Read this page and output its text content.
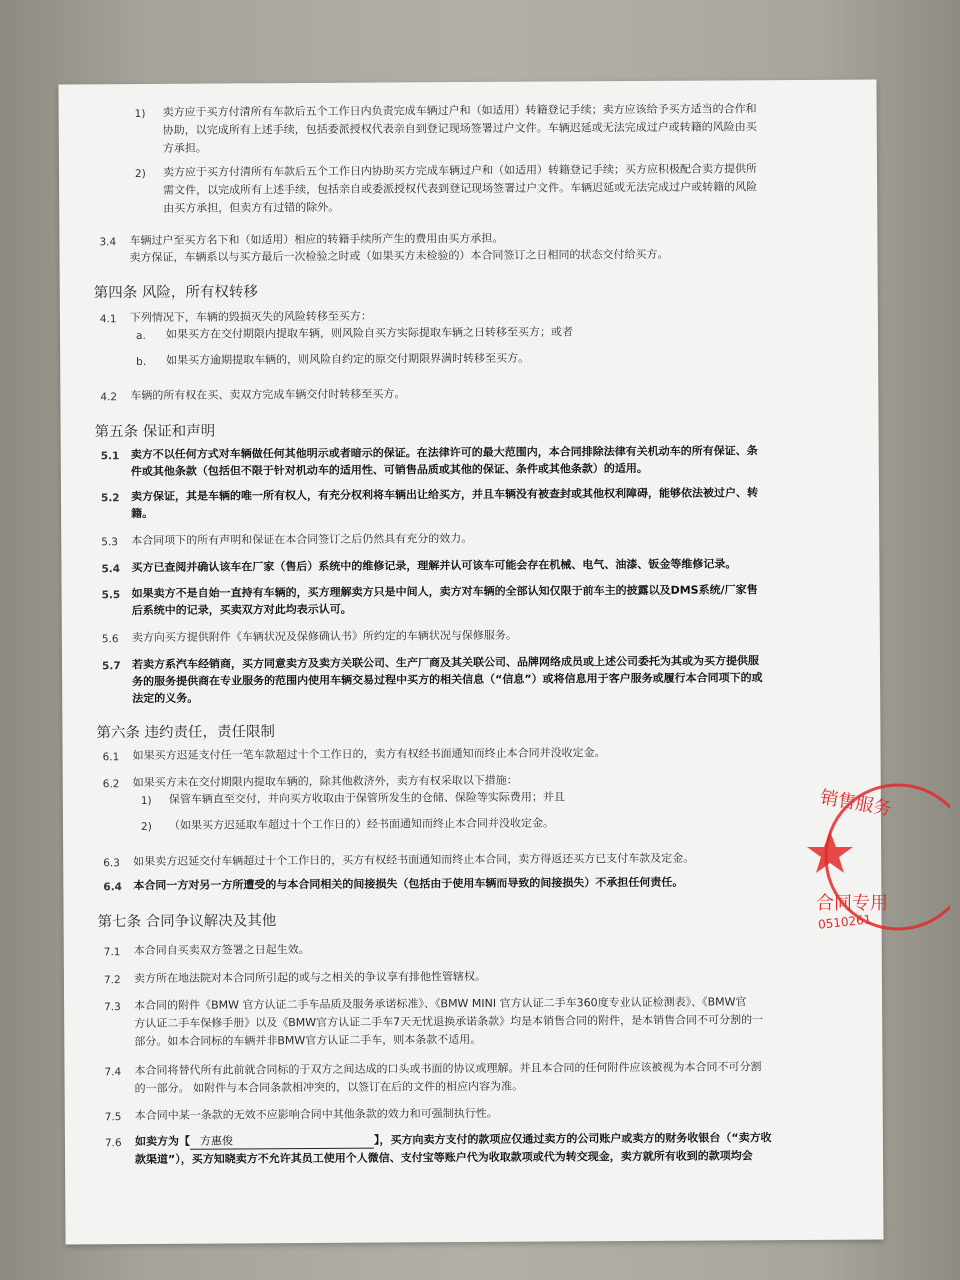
1) 卖方应于买方付清所有车款后五个工作日内负责完成车辆过户和（如适用）转籍登记手续；卖方应该给予买方适当的合作和
协助，以完成所有上述手续，包括委派授权代表亲自到登记现场签署过户文件。车辆迟延或无法完成过户或转籍的风险由买
方承担。
2) 卖方应于买方付清所有车款后五个工作日内协助买方完成车辆过户和（如适用）转籍登记手续；买方应积极配合卖方提供所
需文件，以完成所有上述手续，包括亲自或委派授权代表到登记现场签署过户文件。车辆迟延或无法完成过户或转籍的风险
由买方承担，但卖方有过错的除外。
3.4 车辆过户至买方名下和（如适用）相应的转籍手续所产生的费用由买方承担。
卖方保证，车辆系以与买方最后一次检验之时或（如果买方未检验的）本合同签订之日相同的状态交付给买方。
第四条 风险，所有权转移
4.1 下列情况下，车辆的毁损灭失的风险转移至买方：
a. 如果买方在交付期限内提取车辆，则风险自买方实际提取车辆之日转移至买方；或者
b. 如果买方逾期提取车辆的，则风险自约定的原交付期限界满时转移至买方。
4.2 车辆的所有权在买、卖双方完成车辆交付时转移至买方。
第五条 保证和声明
5.1 卖方不以任何方式对车辆做任何其他明示或者暗示的保证。在法律许可的最大范围内，本合同排除法律有关机动车的所有保证、条
件或其他条款（包括但不限于针对机动车的适用性、可销售品质或其他的保证、条件或其他条款）的适用。
5.2 卖方保证，其是车辆的唯一所有权人，有充分权利将车辆出让给买方，并且车辆没有被查封或其他权利障碍，能够依法被过户、转
籍。
5.3 本合同项下的所有声明和保证在本合同签订之后仍然具有充分的效力。
5.4 买方已查阅并确认该车在厂家（售后）系统中的维修记录，理解并认可该车可能会存在机械、电气、油漆、钣金等维修记录。
5.5 如果卖方不是自始一直持有车辆的，买方理解卖方只是中间人，卖方对车辆的全部认知仅限于前车主的披露以及DMS系统/厂家售
后系统中的记录，买卖双方对此均表示认可。
5.6 卖方向买方提供附件《车辆状况及保修确认书》所约定的车辆状况与保修服务。
5.7 若卖方系汽车经销商，买方同意卖方及卖方关联公司、生产厂商及其关联公司、品牌网络成员或上述公司委托为其或为买方提供服
务的服务提供商在专业服务的范围内使用车辆交易过程中买方的相关信息（“信息”）或将信息用于客户服务或履行本合同项下的或
法定的义务。
第六条 违约责任，责任限制
6.1 如果买方迟延支付任一笔车款超过十个工作日的，卖方有权经书面通知而终止本合同并没收定金。
6.2 如果买方未在交付期限内提取车辆的，除其他救济外，卖方有权采取以下措施：
1) 保管车辆直至交付，并向买方收取由于保管所发生的仓储、保险等实际费用；并且
2) （如果买方迟延取车超过十个工作日的）经书面通知而终止本合同并没收定金。
6.3 如果卖方迟延交付车辆超过十个工作日的，买方有权经书面通知而终止本合同，卖方得返还买方已支付车款及定金。
6.4 本合同一方对另一方所遭受的与本合同相关的间接损失（包括由于使用车辆而导致的间接损失）不承担任何责任。
第七条 合同争议解决及其他
7.1 本合同自买卖双方签署之日起生效。
7.2 卖方所在地法院对本合同所引起的或与之相关的争议享有排他性管辖权。
7.3 本合同的附件《BMW 官方认证二手车品质及服务承诺标准》、《BMW MINI 官方认证二手车360度专业认证检测表》、《BMW官
方认证二手车保修手册》以及《BMW官方认证二手车7天无忧退换承诺条款》均是本销售合同的附件，是本销售合同不可分割的一
部分。如本合同标的车辆并非BMW官方认证二手车，则本条款不适用。
7.4 本合同将替代所有此前就合同标的于双方之间达成的口头或书面的协议或理解。并且本合同的任何附件应该被视为本合同不可分割
的一部分。 如附件与本合同条款相冲突的，以签订在后的文件的相应内容为准。
7.5 本合同中某一条款的无效不应影响合同中其他条款的效力和可强制执行性。
7.6 如卖方为【 方惠俊	】，买方向卖方支付的款项应仅通过卖方的公司账户或卖方的财务收银台（“卖方收
款渠道”），买方知晓卖方不允许其员工使用个人微信、支付宝等账户代为收取款项或代为转交现金，卖方就所有收到的款项均会
销售服务
合同专用
0510261
